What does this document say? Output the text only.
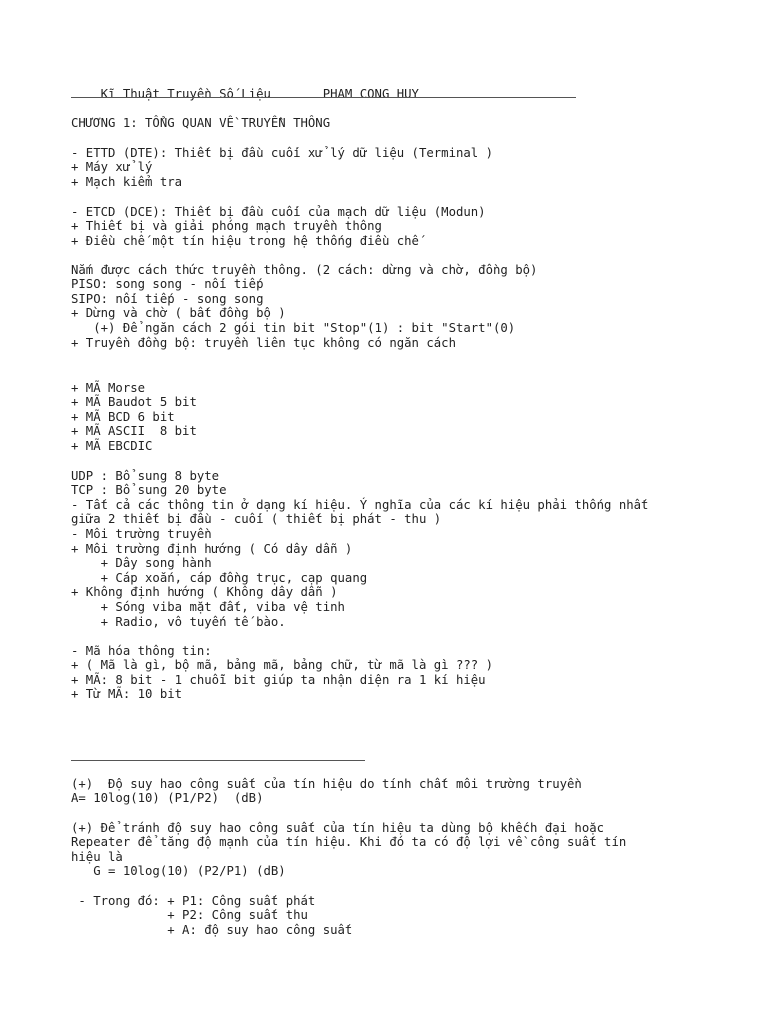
Kĩ Thuật Truyền Số Liệu	PHAM CONG HUY

CHƯƠNG 1: TỔNG QUAN VỀ TRUYỀN THÔNG
- ETTD (DTE): Thiết bị đầu cuối xử lý dữ liệu (Terminal )
+ Máy xử lý
+ Mạch kiểm tra
- ETCD (DCE): Thiết bị đầu cuối của mạch dữ liệu (Modun)
+ Thiết bị và giải phóng mạch truyền thông
+ Điều chế một tín hiệu trong hệ thống điều chế
Nắm được cách thức truyền thông. (2 cách: dừng và chờ, đồng bộ)
PISO: song song - nối tiếp
SIPO: nối tiếp - song song
+ Dừng và chờ ( bất đồng bộ )
(+) Để ngăn cách 2 gói tin bit "Stop"(1) : bit "Start"(0)
+ Truyền đồng bộ: truyền liên tục không có ngăn cách
+ MÃ Morse
+ MÃ Baudot 5 bit
+ MÃ BCD 6 bit
+ MÃ ASCII  8 bit
+ MÃ EBCDIC
UDP : Bổ sung 8 byte
TCP : Bổ sung 20 byte
- Tất cả các thông tin ở dạng kí hiệu. Ý nghĩa của các kí hiệu phải thống nhất
giữa 2 thiết bị đầu - cuối ( thiết bị phát - thu )
- Môi trường truyền
+ Môi trường định hướng ( Có dây dẫn )
+ Dây song hành
+ Cáp xoắn, cáp đồng trục, cạp quang
+ Không định hướng ( Không dây dẫn )
+ Sóng viba mặt đất, viba vệ tinh
+ Radio, vô tuyến tế bào.
- Mã hóa thông tin:
+ ( Mã là gì, bộ mã, bảng mã, bảng chữ, từ mã là gì ??? )
+ MÃ: 8 bit - 1 chuỗi bit giúp ta nhận diện ra 1 kí hiệu
+ Từ MÃ: 10 bit
(+)  Độ suy hao công suất của tín hiệu do tính chất môi trường truyền
A= 10log(10) (P1/P2)  (dB)
(+) Để tránh độ suy hao công suất của tín hiệu ta dùng bộ khếch đại hoặc
Repeater để tăng độ mạnh của tín hiệu. Khi đó ta có độ lợi về công suất tín
hiệu là
G = 10log(10) (P2/P1) (dB)
- Trong đó: + P1: Công suất phát
+ P2: Công suất thu
+ A: độ suy hao công suất
